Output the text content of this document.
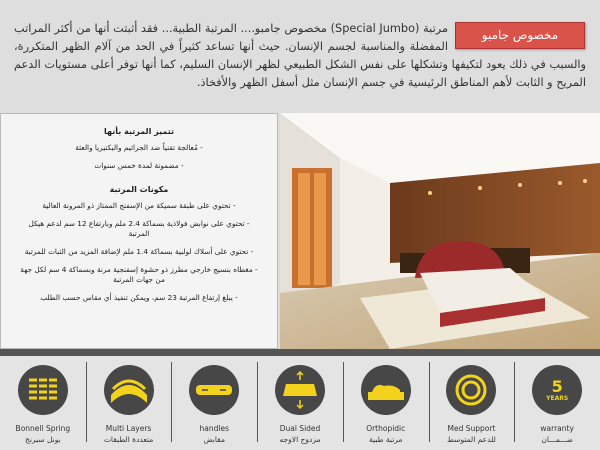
مرتبة (Special Jumbo) مخصوص جامبو.... المرتبة الطبية... فقد أثبتت أنها من أكثر المراتب المفضلة والمناسبة لجسم الإنسان. حيث أنها تساعد كثيراً في الحد من آلام الظهر المتكررة، والسبب في ذلك يعود لتكيفها وتشكلها على نفس الشكل الطبيعي لظهر الإنسان السليم، كما أنها توفر أعلى مستويات الدعم المريح و الثابت لأهم المناطق الرئيسية في جسم الإنسان مثل أسفل الظهر والأفخاذ.
مخصوص جامبو
تتميز المرتبة بأنها

- مُعالجة تقنياً ضد الجراثيم والبكتيريا والعثة

- مضمونة لمدة خمس سنوات

مكونات المرتبة

- تحتوي على طبقة سميكة من الإسفنج الممتاز ذو المرونة العالية

- تحتوي على نوابض فولاذية بسماكة 2.4 ملم وبارتفاع 12 سم لدعم هيكل المرتبة

- تحتوي على أسلاك لولبية بسماكة 1.4 ملم لإضافة المزيد من الثبات للمرتبة

- مغطاه بنسيج خارجي مطرز ذو حشوة إسفنجية مرنة وبسماكة 4 سم لكل جهة من جهات المرتبة

- يبلغ إرتفاع المرتبة 23 سم، ويمكن تنفيذ أي مقاس حسب الطلب

Bonnell Spring
بونل سبرنج
Multi Layers
متعددة الطبقات
handles
مقابض
Dual Sided
مزدوج الاوجه
Orthopidic
مرتبة طبية
Med Support
للدعم المتوسط
5
YEARS
warranty
ضـــمـــان
